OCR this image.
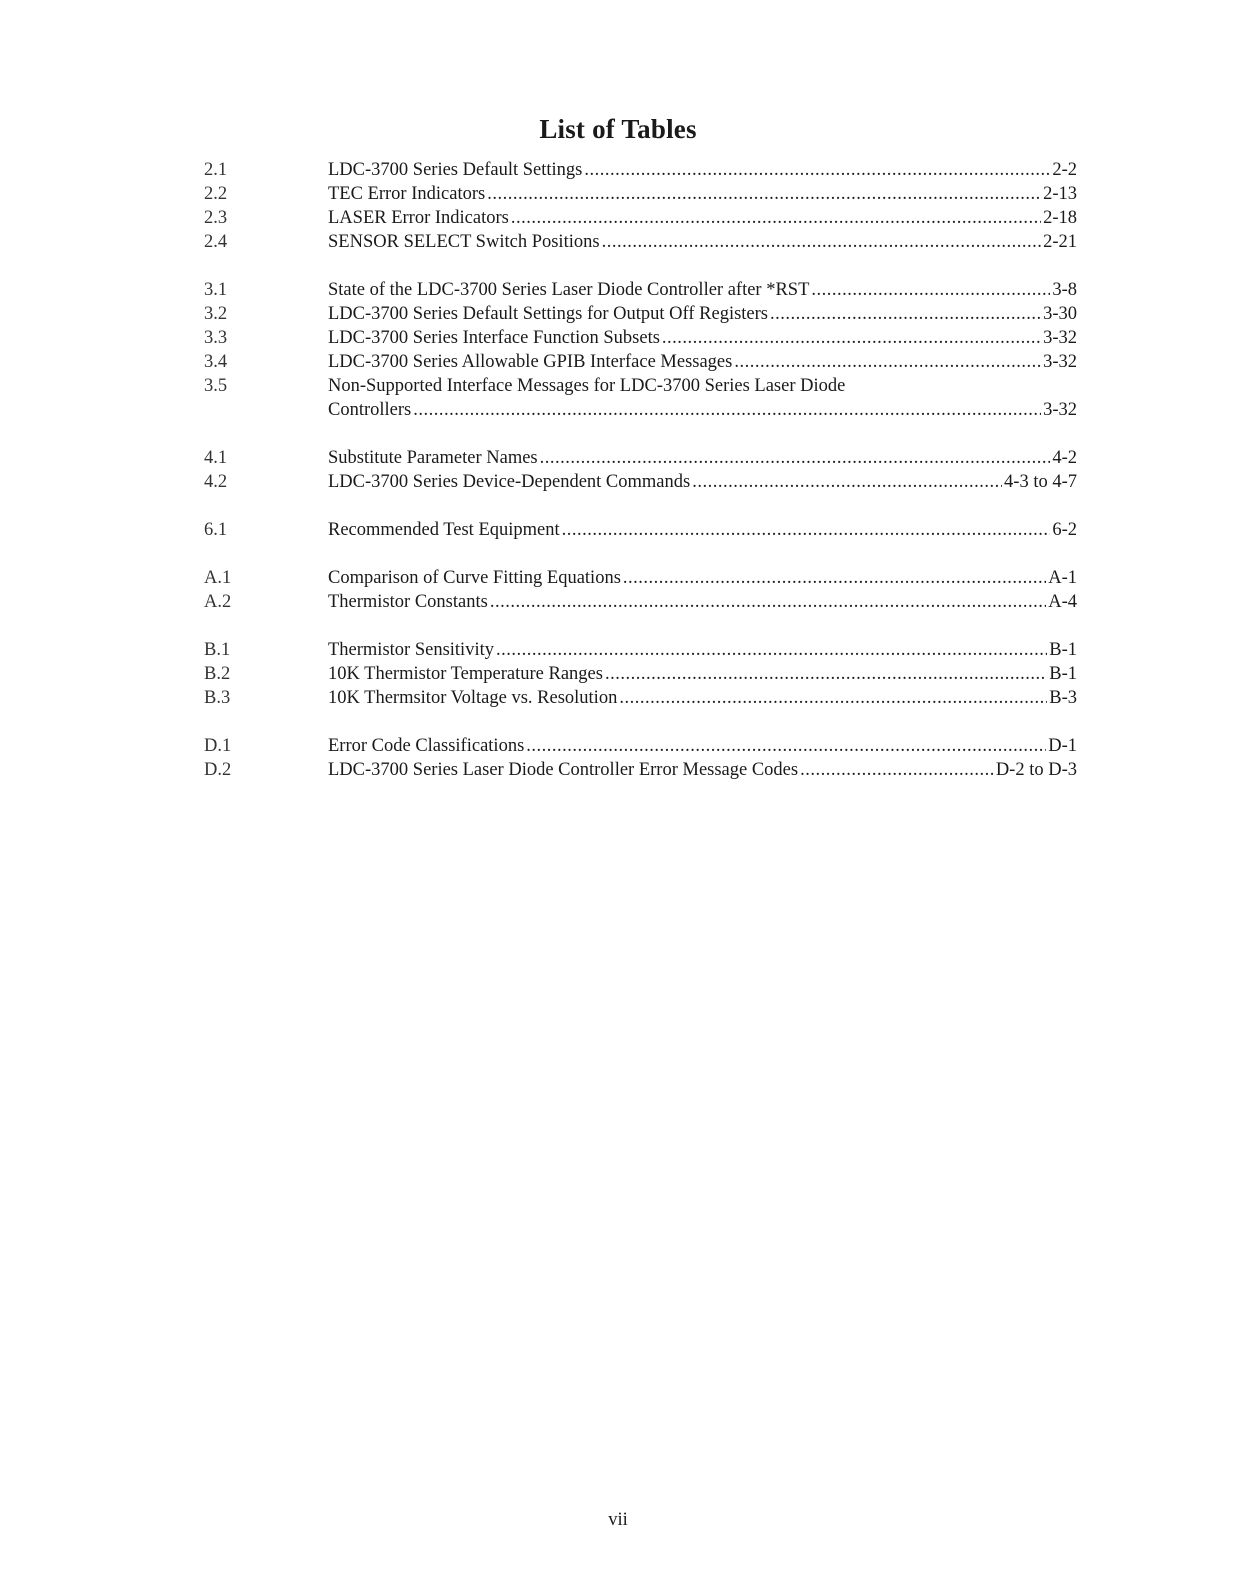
List of Tables
2.1	LDC-3700 Series Default Settings .....	2-2
2.2	TEC Error Indicators .....	2-13
2.3	LASER Error Indicators .....	2-18
2.4	SENSOR SELECT Switch Positions .....	2-21
3.1	State of the LDC-3700 Series Laser Diode Controller after *RST .....	3-8
3.2	LDC-3700 Series Default Settings for Output Off Registers .....	3-30
3.3	LDC-3700 Series Interface Function Subsets .....	3-32
3.4	LDC-3700 Series Allowable GPIB Interface Messages .....	3-32
3.5	Non-Supported Interface Messages for LDC-3700 Series Laser Diode
Controllers .....	3-32
4.1	Substitute Parameter Names .....	4-2
4.2	LDC-3700 Series Device-Dependent Commands .....	4-3 to 4-7
6.1	Recommended Test Equipment .....	6-2
A.1	Comparison of Curve Fitting Equations .....	A-1
A.2	Thermistor Constants .....	A-4
B.1	Thermistor Sensitivity .....	B-1
B.2	10K Thermistor Temperature Ranges .....	B-1
B.3	10K Thermsitor Voltage vs. Resolution .....	B-3
D.1	Error Code Classifications .....	D-1
D.2	LDC-3700 Series Laser Diode Controller Error Message Codes .....	D-2 to D-3
vii
